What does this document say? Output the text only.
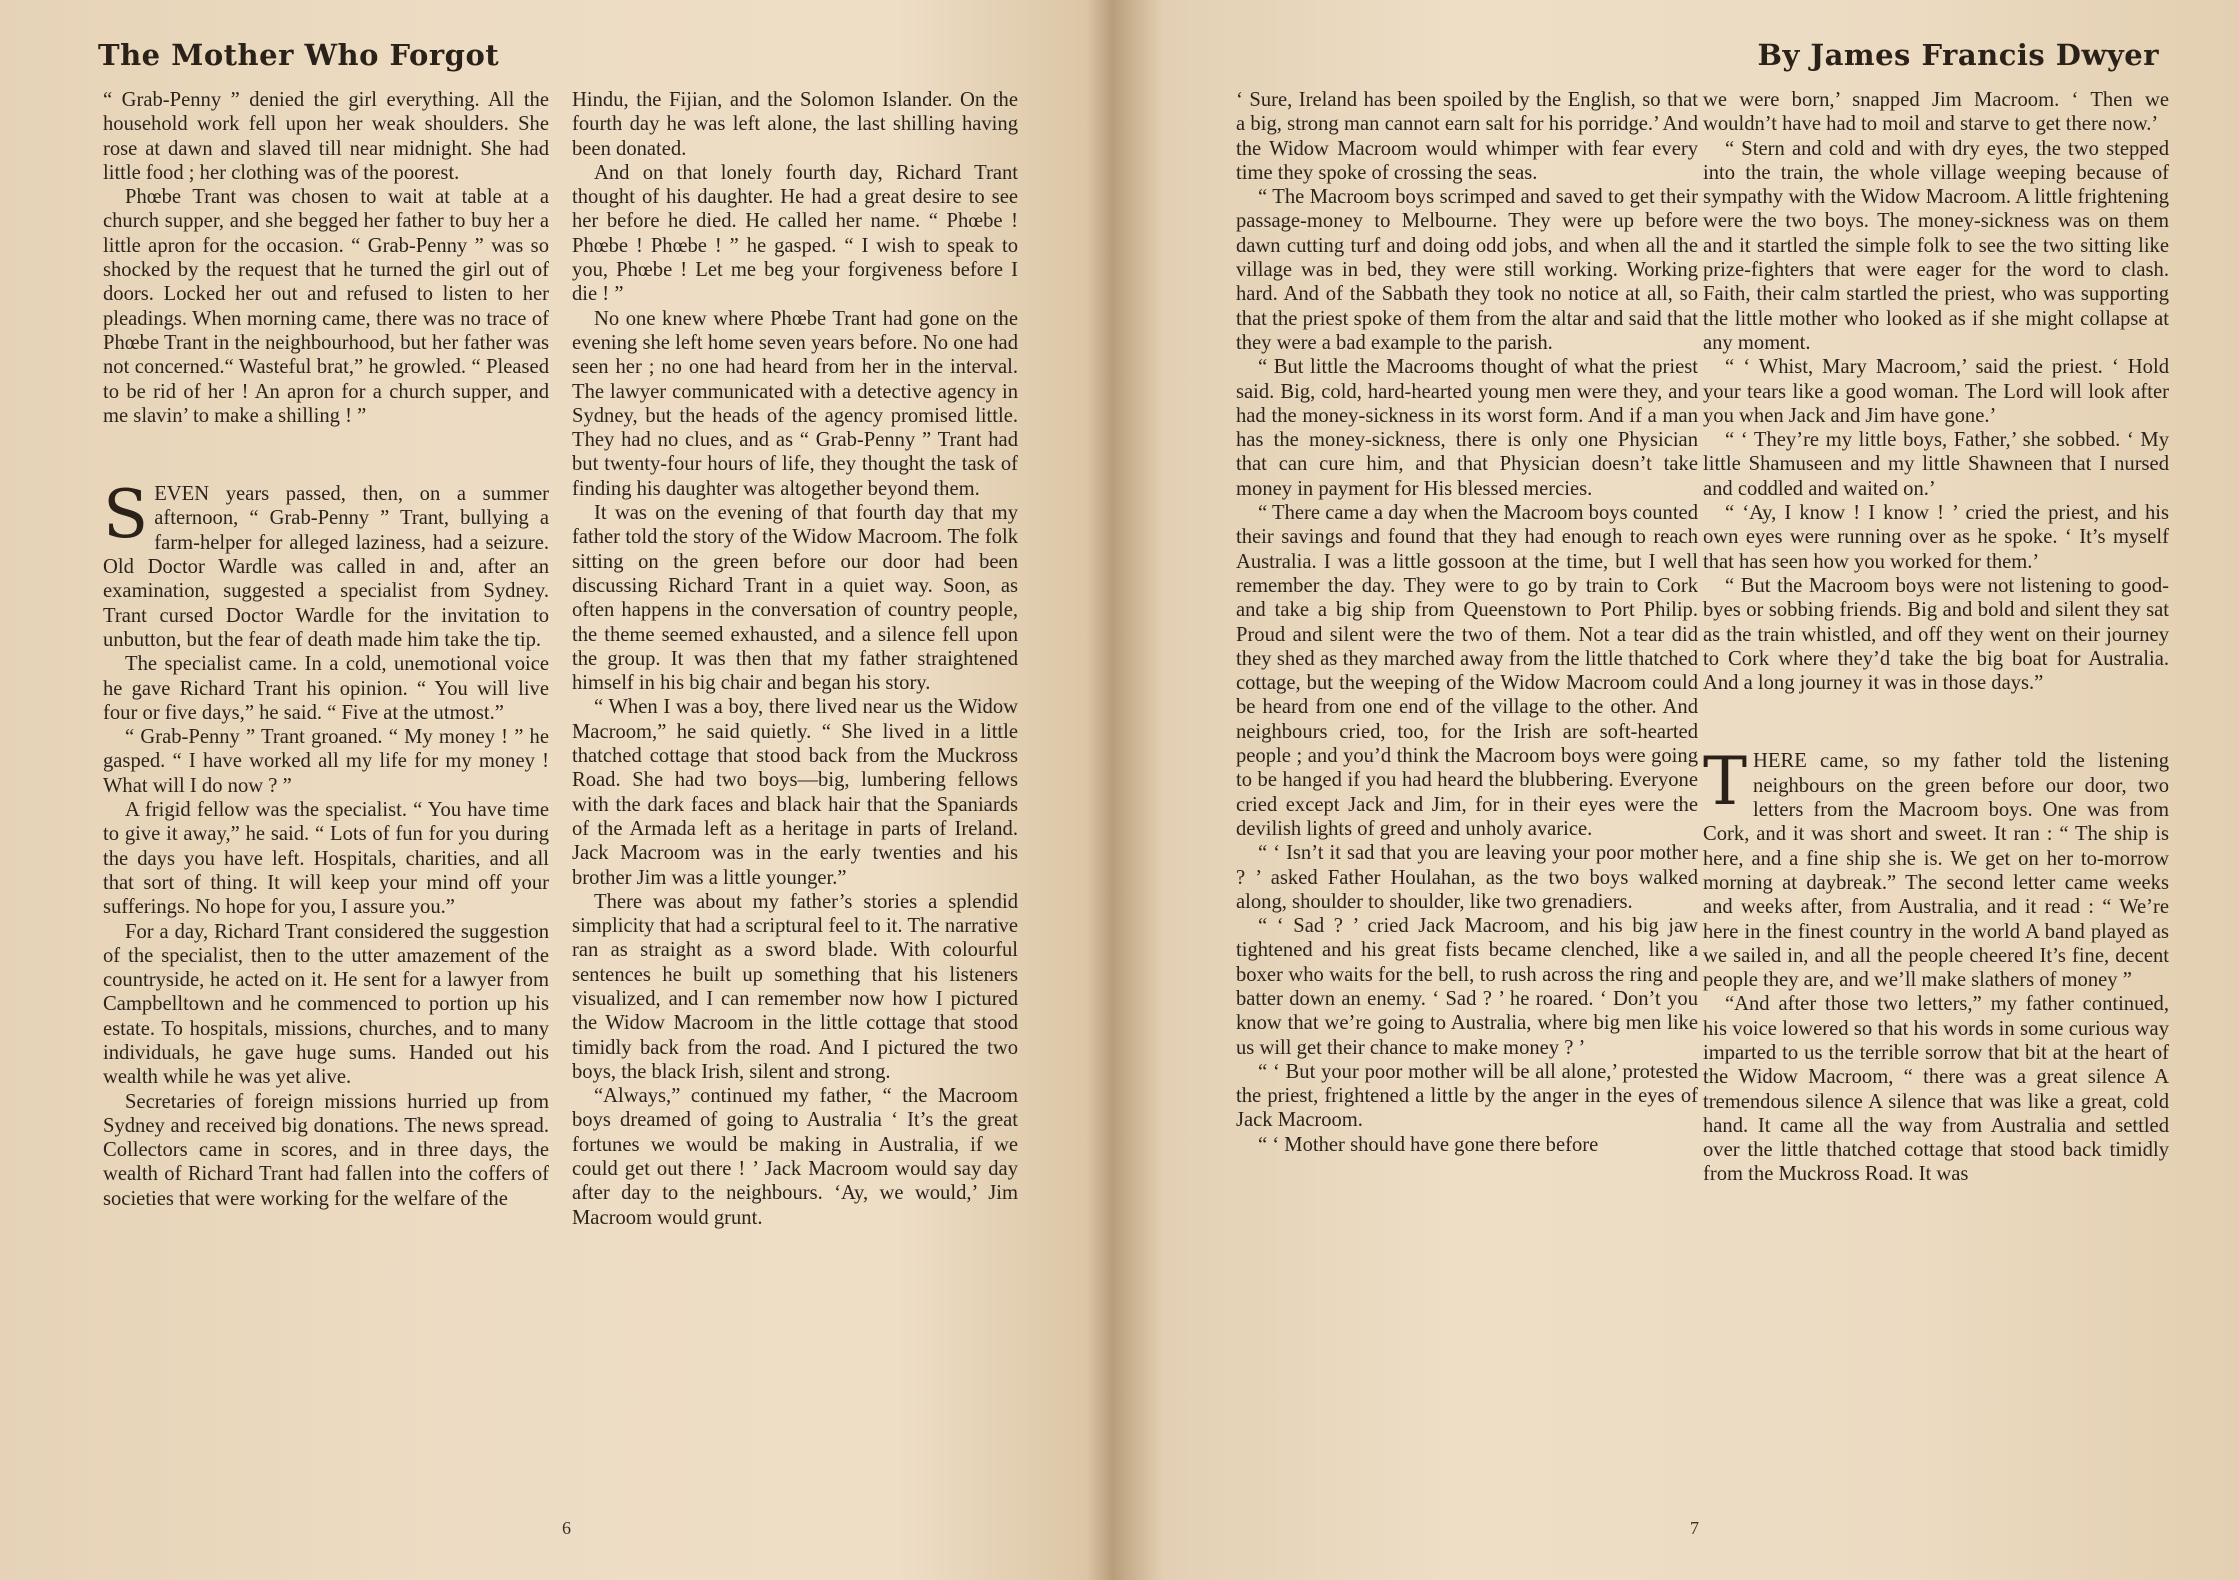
The Mother Who Forgot

“ Grab-Penny ” denied the girl everything. All the household work fell upon her weak shoulders. She rose at dawn and slaved till near midnight. She had little food ; her clothing was of the poorest.

Phœbe Trant was chosen to wait at table at a church supper, and she begged her father to buy her a little apron for the occasion. “ Grab-Penny ” was so shocked by the request that he turned the girl out of doors. Locked her out and refused to listen to her pleadings. When morning came, there was no trace of Phœbe Trant in the neighbourhood, but her father was not concerned.“ Wasteful brat,” he growled. “ Pleased to be rid of her ! An apron for a church supper, and me slavin’ to make a shilling ! ”

SEVEN years passed, then, on a summer afternoon, “ Grab-Penny ” Trant, bullying a farm-helper for alleged laziness, had a seizure. Old Doctor Wardle was called in and, after an examination, suggested a specialist from Sydney. Trant cursed Doctor Wardle for the invitation to unbutton, but the fear of death made him take the tip.

The specialist came. In a cold, unemotional voice he gave Richard Trant his opinion. “ You will live four or five days,” he said. “ Five at the utmost.”

“ Grab-Penny ” Trant groaned. “ My money ! ” he gasped. “ I have worked all my life for my money ! What will I do now ? ”

A frigid fellow was the specialist. “ You have time to give it away,” he said. “ Lots of fun for you during the days you have left. Hospitals, charities, and all that sort of thing. It will keep your mind off your sufferings. No hope for you, I assure you.”

For a day, Richard Trant considered the suggestion of the specialist, then to the utter amazement of the countryside, he acted on it. He sent for a lawyer from Campbelltown and he commenced to portion up his estate. To hospitals, missions, churches, and to many individuals, he gave huge sums. Handed out his wealth while he was yet alive.

Secretaries of foreign missions hurried up from Sydney and received big donations. The news spread. Collectors came in scores, and in three days, the wealth of Richard Trant had fallen into the coffers of societies that were working for the welfare of the

Hindu, the Fijian, and the Solomon Islander. On the fourth day he was left alone, the last shilling having been donated.

And on that lonely fourth day, Richard Trant thought of his daughter. He had a great desire to see her before he died. He called her name. “ Phœbe ! Phœbe ! Phœbe ! ” he gasped. “ I wish to speak to you, Phœbe ! Let me beg your forgiveness before I die ! ”

No one knew where Phœbe Trant had gone on the evening she left home seven years before. No one had seen her ; no one had heard from her in the interval. The lawyer communicated with a detective agency in Sydney, but the heads of the agency promised little. They had no clues, and as “ Grab-Penny ” Trant had but twenty-four hours of life, they thought the task of finding his daughter was altogether beyond them.

It was on the evening of that fourth day that my father told the story of the Widow Macroom. The folk sitting on the green before our door had been discussing Richard Trant in a quiet way. Soon, as often happens in the conversation of country people, the theme seemed exhausted, and a silence fell upon the group. It was then that my father straightened himself in his big chair and began his story.

“ When I was a boy, there lived near us the Widow Macroom,” he said quietly. “ She lived in a little thatched cottage that stood back from the Muckross Road. She had two boys—big, lumbering fellows with the dark faces and black hair that the Spaniards of the Armada left as a heritage in parts of Ireland. Jack Macroom was in the early twenties and his brother Jim was a little younger.”

There was about my father’s stories a splendid simplicity that had a scriptural feel to it. The narrative ran as straight as a sword blade. With colourful sentences he built up something that his listeners visualized, and I can remember now how I pictured the Widow Macroom in the little cottage that stood timidly back from the road. And I pictured the two boys, the black Irish, silent and strong.

“Always,” continued my father, “ the Macroom boys dreamed of going to Australia ‘ It’s the great fortunes we would be making in Australia, if we could get out there ! ’ Jack Macroom would say day after day to the neighbours. ‘Ay, we would,’ Jim Macroom would grunt.

6

By James Francis Dwyer

‘ Sure, Ireland has been spoiled by the English, so that a big, strong man cannot earn salt for his porridge.’ And the Widow Macroom would whimper with fear every time they spoke of crossing the seas.

“ The Macroom boys scrimped and saved to get their passage-money to Melbourne. They were up before dawn cutting turf and doing odd jobs, and when all the village was in bed, they were still working. Working hard. And of the Sabbath they took no notice at all, so that the priest spoke of them from the altar and said that they were a bad example to the parish.

“ But little the Macrooms thought of what the priest said. Big, cold, hard-hearted young men were they, and had the money-sickness in its worst form. And if a man has the money-sickness, there is only one Physician that can cure him, and that Physician doesn’t take money in payment for His blessed mercies.

“ There came a day when the Macroom boys counted their savings and found that they had enough to reach Australia. I was a little gossoon at the time, but I well remember the day. They were to go by train to Cork and take a big ship from Queenstown to Port Philip. Proud and silent were the two of them. Not a tear did they shed as they marched away from the little thatched cottage, but the weeping of the Widow Macroom could be heard from one end of the village to the other. And neighbours cried, too, for the Irish are soft-hearted people ; and you’d think the Macroom boys were going to be hanged if you had heard the blubbering. Everyone cried except Jack and Jim, for in their eyes were the devilish lights of greed and unholy avarice.

“ ‘ Isn’t it sad that you are leaving your poor mother ? ’ asked Father Houlahan, as the two boys walked along, shoulder to shoulder, like two grenadiers.

“ ‘ Sad ? ’ cried Jack Macroom, and his big jaw tightened and his great fists became clenched, like a boxer who waits for the bell, to rush across the ring and batter down an enemy. ‘ Sad ? ’ he roared. ‘ Don’t you know that we’re going to Australia, where big men like us will get their chance to make money ? ’

“ ‘ But your poor mother will be all alone,’ protested the priest, frightened a little by the anger in the eyes of Jack Macroom.

“ ‘ Mother should have gone there before

we were born,’ snapped Jim Macroom. ‘ Then we wouldn’t have had to moil and starve to get there now.’

“ Stern and cold and with dry eyes, the two stepped into the train, the whole village weeping because of sympathy with the Widow Macroom. A little frightening were the two boys. The money-sickness was on them and it startled the simple folk to see the two sitting like prize-fighters that were eager for the word to clash. Faith, their calm startled the priest, who was supporting the little mother who looked as if she might collapse at any moment.

“ ‘ Whist, Mary Macroom,’ said the priest. ‘ Hold your tears like a good woman. The Lord will look after you when Jack and Jim have gone.’

“ ‘ They’re my little boys, Father,’ she sobbed. ‘ My little Shamuseen and my little Shawneen that I nursed and coddled and waited on.’

“ ‘Ay, I know ! I know ! ’ cried the priest, and his own eyes were running over as he spoke. ‘ It’s myself that has seen how you worked for them.’

“ But the Macroom boys were not listening to good-byes or sobbing friends. Big and bold and silent they sat as the train whistled, and off they went on their journey to Cork where they’d take the big boat for Australia. And a long journey it was in those days.”

THERE came, so my father told the listening neighbours on the green before our door, two letters from the Macroom boys. One was from Cork, and it was short and sweet. It ran : “ The ship is here, and a fine ship she is. We get on her to-morrow morning at daybreak.” The second letter came weeks and weeks after, from Australia, and it read : “ We’re here in the finest country in the world A band played as we sailed in, and all the people cheered It’s fine, decent people they are, and we’ll make slathers of money ”

“And after those two letters,” my father continued, his voice lowered so that his words in some curious way imparted to us the terrible sorrow that bit at the heart of the Widow Macroom, “ there was a great silence A tremendous silence A silence that was like a great, cold hand. It came all the way from Australia and settled over the little thatched cottage that stood back timidly from the Muckross Road. It was

7
